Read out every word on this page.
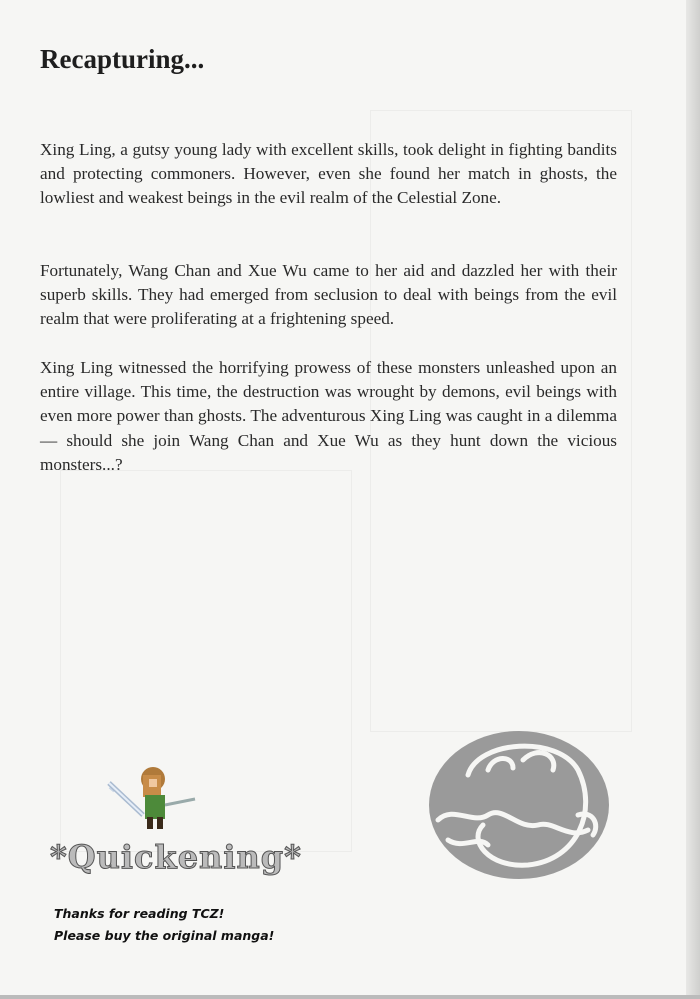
Recapturing...

Xing Ling, a gutsy young lady with excellent skills, took delight in fighting bandits and protecting commoners. However, even she found her match in ghosts, the lowliest and weakest beings in the evil realm of the Celestial Zone.

Fortunately, Wang Chan and Xue Wu came to her aid and dazzled her with their superb skills. They had emerged from seclusion to deal with beings from the evil realm that were proliferating at a frightening speed.

Xing Ling witnessed the horrifying prowess of these monsters unleashed upon an entire village. This time, the destruction was wrought by demons, evil beings with even more power than ghosts. The adventurous Xing Ling was caught in a dilemma — should she join Wang Chan and Xue Wu as they hunt down the vicious monsters...?

*Quickening*
Thanks for reading TCZ!
Please buy the original manga!
